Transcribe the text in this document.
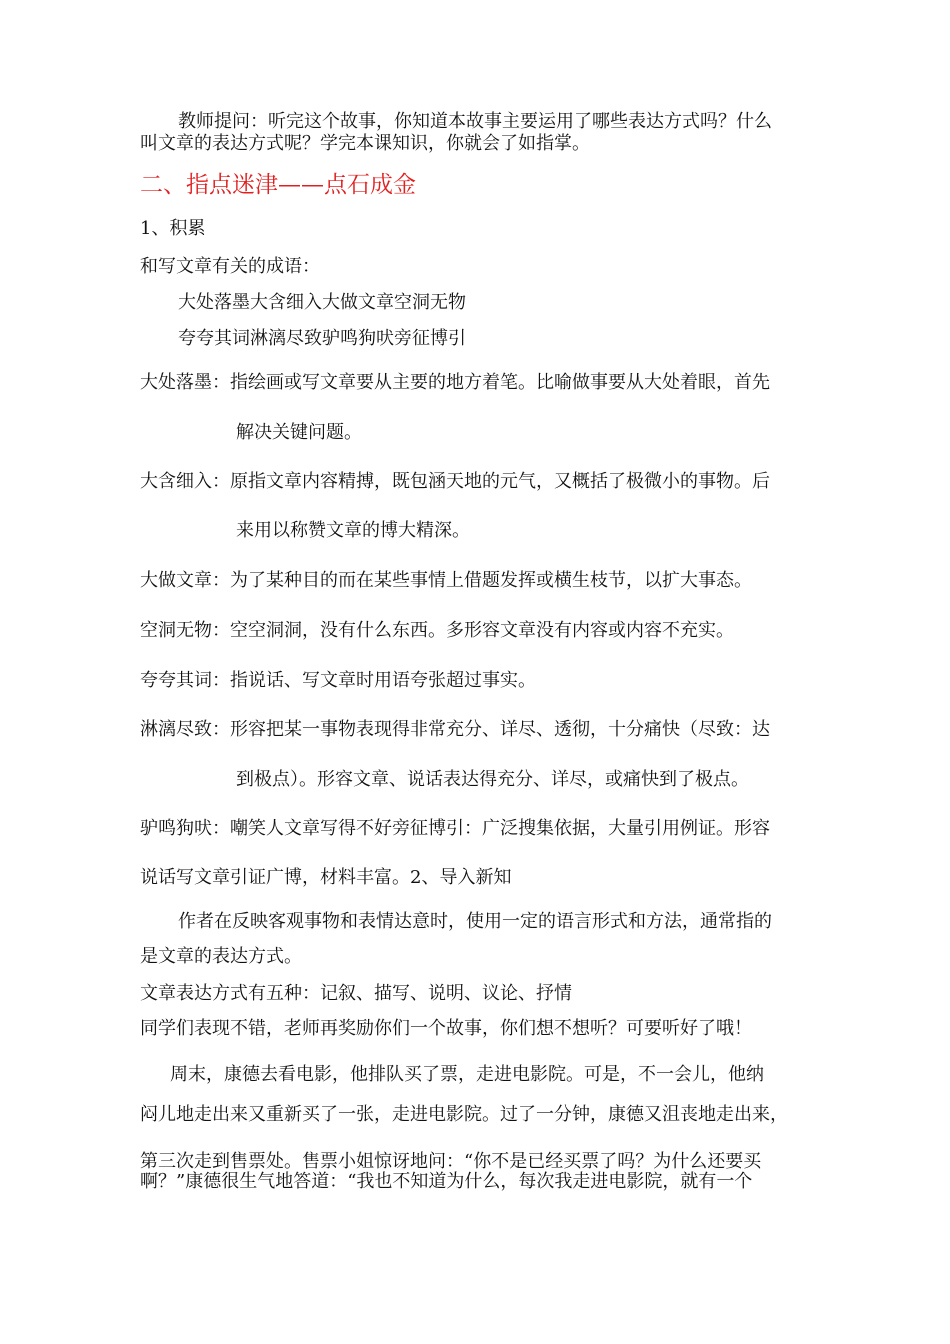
教师提问：听完这个故事，你知道本故事主要运用了哪些表达方式吗？什么
叫文章的表达方式呢？学完本课知识，你就会了如指掌。
二、指点迷津——点石成金
1、积累
和写文章有关的成语：
大处落墨大含细入大做文章空洞无物
夸夸其词淋漓尽致驴鸣狗吠旁征博引
大处落墨：指绘画或写文章要从主要的地方着笔。比喻做事要从大处着眼，首先
解决关键问题。
大含细入：原指文章内容精搏，既包涵天地的元气，又概括了极微小的事物。后
来用以称赞文章的博大精深。
大做文章：为了某种目的而在某些事情上借题发挥或横生枝节，以扩大事态。
空洞无物：空空洞洞，没有什么东西。多形容文章没有内容或内容不充实。
夸夸其词：指说话、写文章时用语夸张超过事实。
淋漓尽致：形容把某一事物表现得非常充分、详尽、透彻，十分痛快（尽致：达
到极点）。形容文章、说话表达得充分、详尽，或痛快到了极点。
驴鸣狗吠：嘲笑人文章写得不好旁征博引：广泛搜集依据，大量引用例证。形容
说话写文章引证广博，材料丰富。2、导入新知
作者在反映客观事物和表情达意时，使用一定的语言形式和方法，通常指的
是文章的表达方式。
文章表达方式有五种：记叙、描写、说明、议论、抒情
同学们表现不错，老师再奖励你们一个故事，你们想不想听？可要听好了哦！
周末，康德去看电影，他排队买了票，走进电影院。可是，不一会儿，他纳
闷儿地走出来又重新买了一张，走进电影院。过了一分钟，康德又沮丧地走出来，
第三次走到售票处。售票小姐惊讶地问：“你不是已经买票了吗？为什么还要买
啊？”康德很生气地答道：“我也不知道为什么，每次我走进电影院，就有一个
